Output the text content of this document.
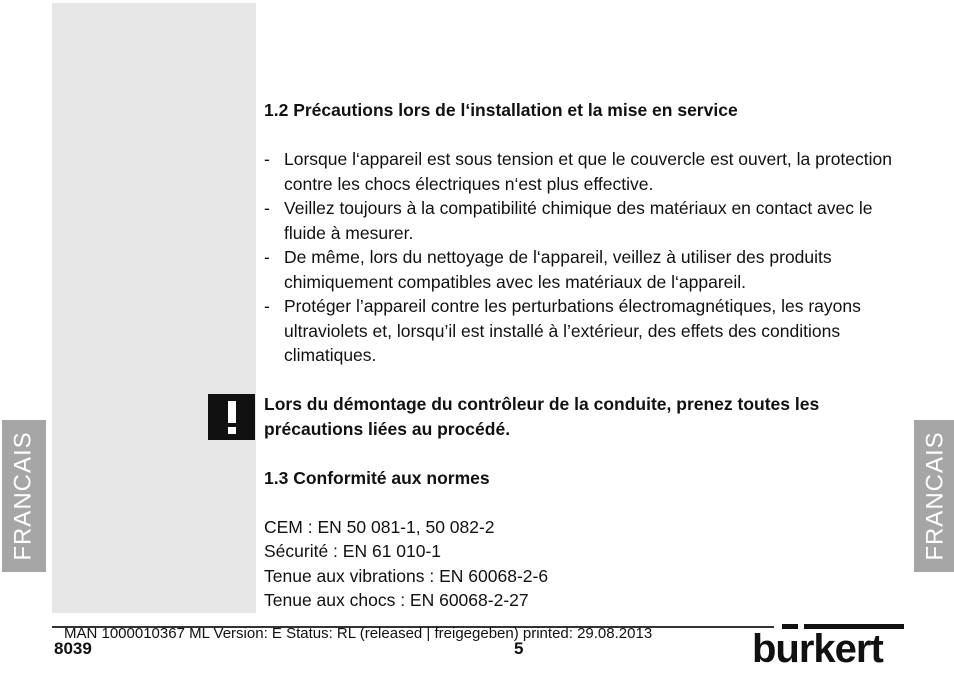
FRANCAIS	FRANCAIS

1.2 Précautions lors de l‘installation et la mise en service

- Lorsque l‘appareil est sous tension et que le couvercle est ouvert, la protection contre les chocs électriques n‘est plus effective.
- Veillez toujours à la compatibilité chimique des matériaux en contact avec le fluide à mesurer.
- De même, lors du nettoyage de l‘appareil, veillez à utiliser des produits chimiquement compatibles avec les matériaux de l‘appareil.
- Protéger l’appareil contre les perturbations électromagnétiques, les rayons ultraviolets et, lorsqu’il est installé à l’extérieur, des effets des conditions climatiques.

Lors du démontage du contrôleur de la conduite, prenez toutes les précautions liées au procédé.

1.3 Conformité aux normes

CEM : EN 50 081-1, 50 082-2

Sécurité : EN 61 010-1

Tenue aux vibrations : EN 60068-2-6

Tenue aux chocs : EN 60068-2-27

MAN 1000010367 ML Version: E Status: RL (released | freigegeben) printed: 29.08.2013
8039	5	burkert
